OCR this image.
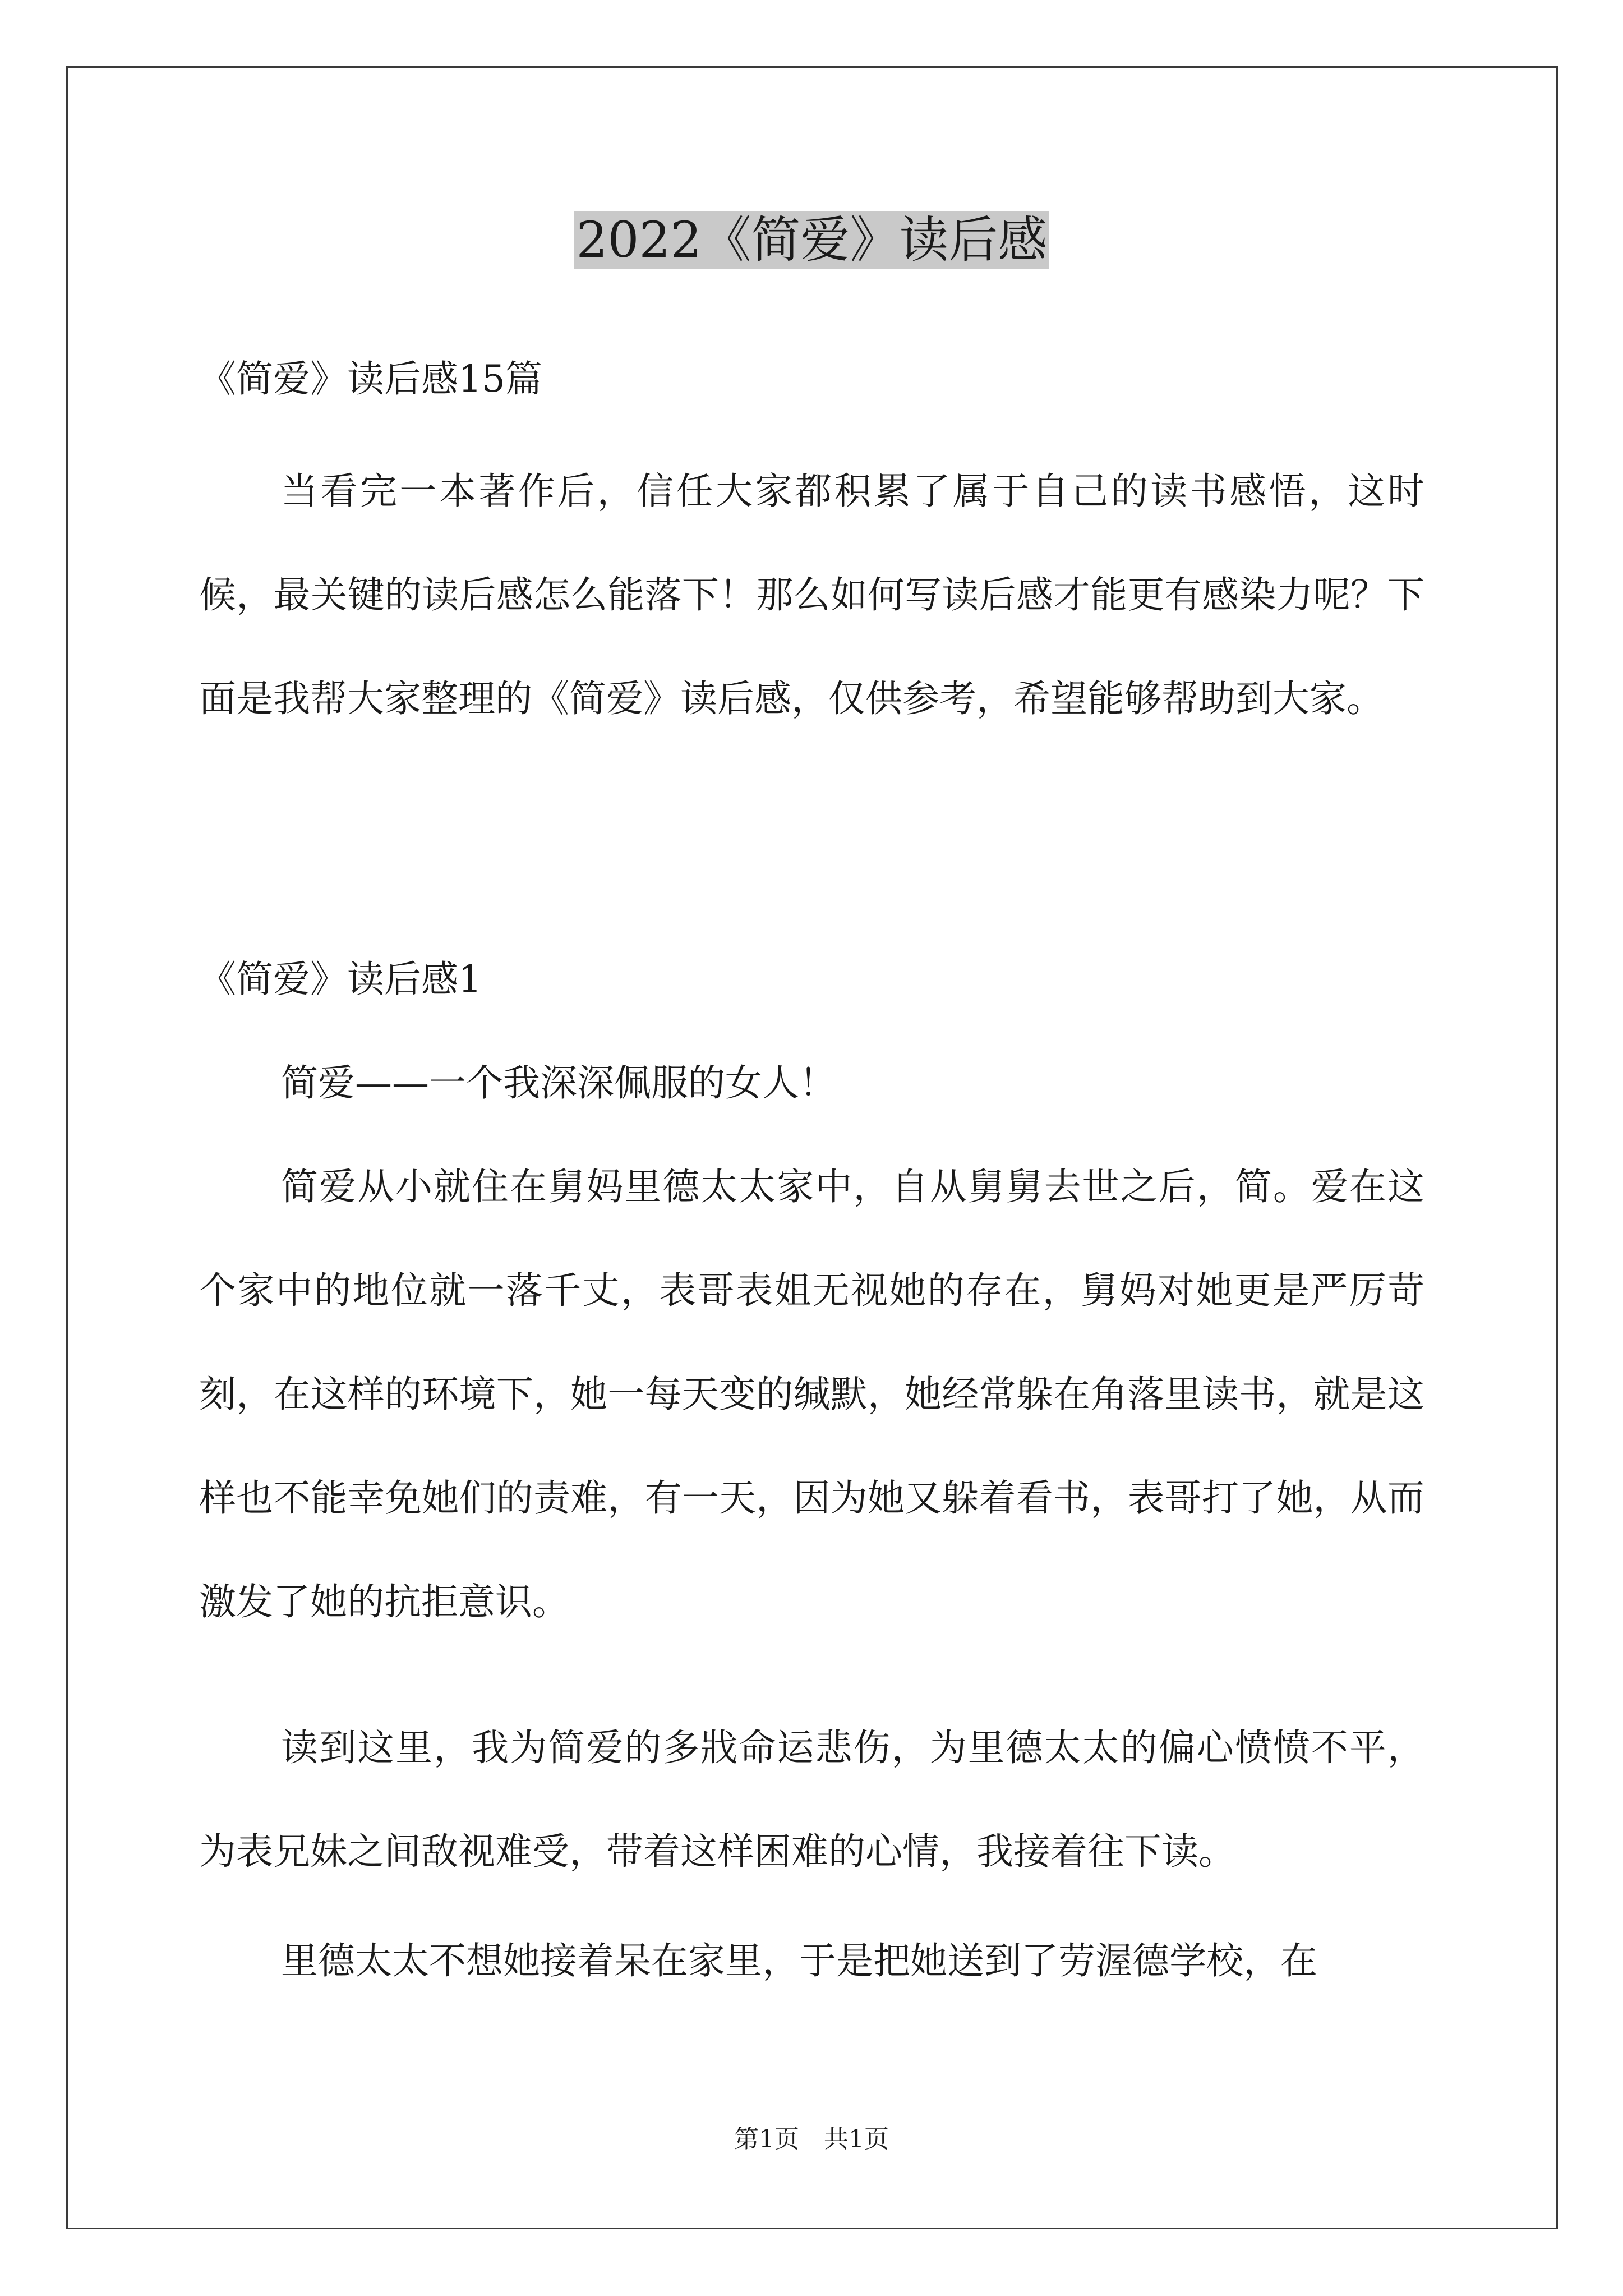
2022《简爱》读后感

《简爱》读后感15篇

当看完一本著作后，信任大家都积累了属于自己的读书感悟，这时候，最关键的读后感怎么能落下！那么如何写读后感才能更有感染力呢？下面是我帮大家整理的《简爱》读后感，仅供参考，希望能够帮助到大家。

《简爱》读后感1

简爱——一个我深深佩服的女人！

简爱从小就住在舅妈里德太太家中，自从舅舅去世之后，简。爱在这个家中的地位就一落千丈，表哥表姐无视她的存在，舅妈对她更是严厉苛刻，在这样的环境下，她一每天变的缄默，她经常躲在角落里读书，就是这样也不能幸免她们的责难，有一天，因为她又躲着看书，表哥打了她，从而激发了她的抗拒意识。

读到这里，我为简爱的多戕命运悲伤，为里德太太的偏心愤愤不平，为表兄妹之间敌视难受，带着这样困难的心情，我接着往下读。

里德太太不想她接着呆在家里，于是把她送到了劳渥德学校，在

第1页　共1页
